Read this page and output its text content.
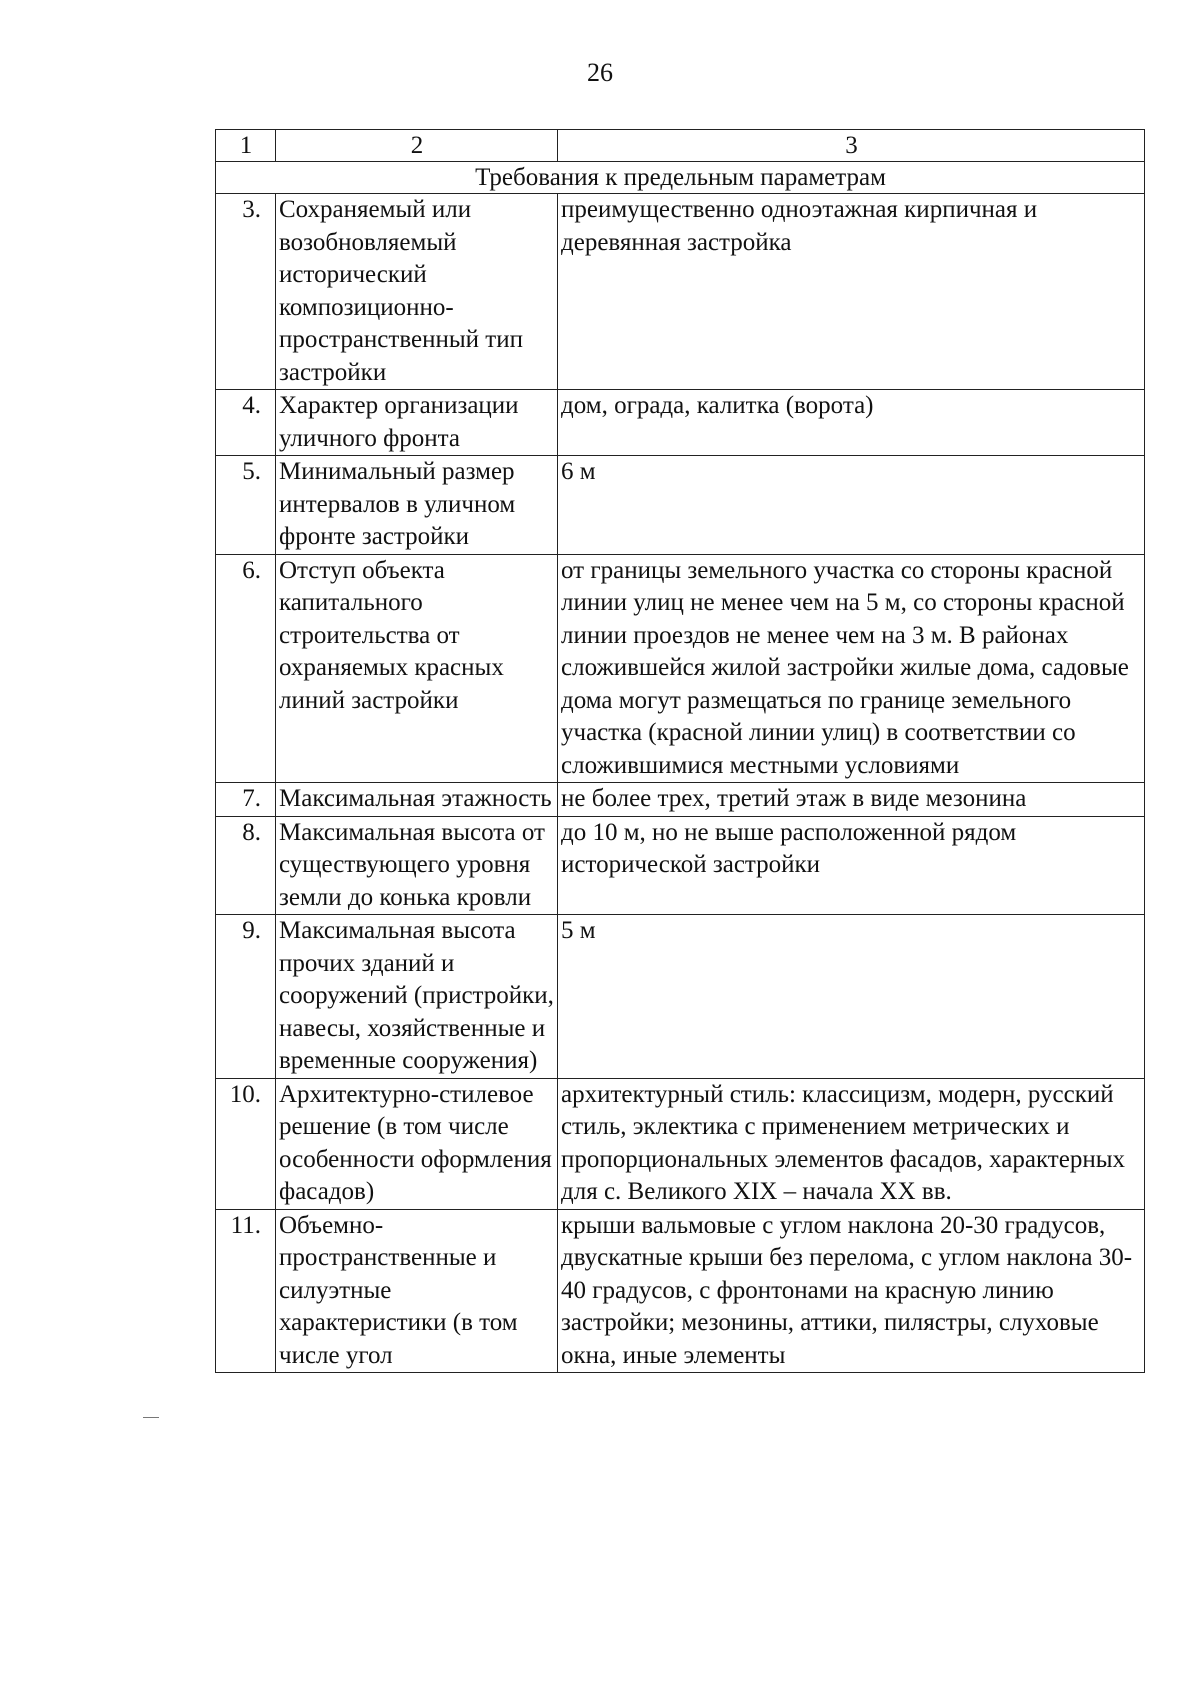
26
1	2	3
Требования к предельным параметрам		
3.	Сохраняемый или возобновляемый исторический композиционно-пространственный тип застройки	преимущественно одноэтажная кирпичная и деревянная застройка
4.	Характер организации уличного фронта	дом, ограда, калитка (ворота)
5.	Минимальный размер интервалов в уличном фронте застройки	6 м
6.	Отступ объекта капитального строительства от охраняемых красных линий застройки	от границы земельного участка со стороны красной линии улиц не менее чем на 5 м, со стороны красной линии проездов не менее чем на 3 м. В районах сложившейся жилой застройки жилые дома, садовые дома могут размещаться по границе земельного участка (красной линии улиц) в соответствии со сложившимися местными условиями
7.	Максимальная этажность	не более трех, третий этаж в виде мезонина
8.	Максимальная высота от существующего уровня земли до конька кровли	до 10 м, но не выше расположенной рядом исторической застройки
9.	Максимальная высота прочих зданий и сооружений (пристройки, навесы, хозяйственные и временные сооружения)	5 м
10.	Архитектурно-стилевое решение (в том числе особенности оформления фасадов)	архитектурный стиль: классицизм, модерн, русский стиль, эклектика с применением метрических и пропорциональных элементов фасадов, характерных для с. Великого XIX – начала XX вв.
11.	Объемно-пространственные и силуэтные характеристики (в том числе угол	крыши вальмовые с углом наклона 20-30 градусов, двускатные крыши без перелома, с углом наклона 30-40 градусов, с фронтонами на красную линию застройки; мезонины, аттики, пилястры, слуховые окна, иные элементы
